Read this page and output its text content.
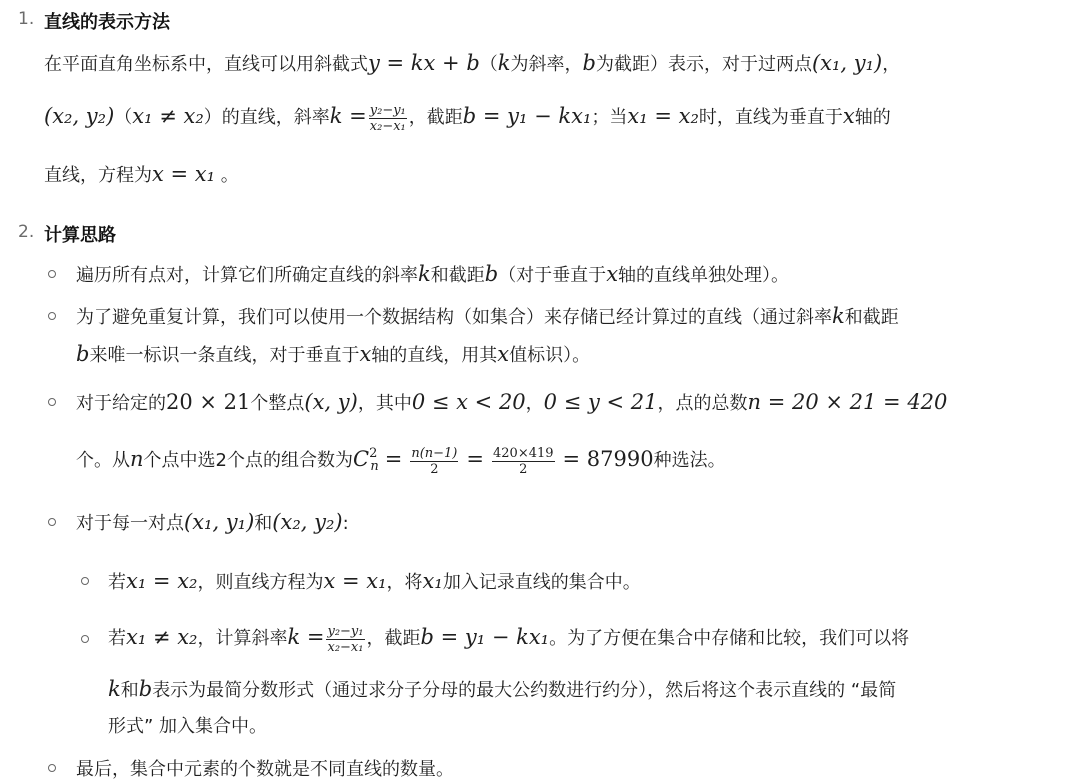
1. 直线的表示方法
在平面直角坐标系中，直线可以用斜截式y = kx + b（k为斜率，b为截距）表示，对于过两点(x₁, y₁)，
(x₂, y₂)（x₁ ≠ x₂）的直线，斜率$k = \frac{\text{y₂−y₁}}{\text{x₂−x₁}}$ ，截距b = y₁ − kx₁；当x₁ = x₂时，直线为垂直于x轴的
直线，方程为x = x₁ 。
2. 计算思路
遍历所有点对，计算它们所确定直线的斜率k和截距b（对于垂直于x轴的直线单独处理）。
为了避免重复计算，我们可以使用一个数据结构（如集合）来存储已经计算过的直线（通过斜率k和截距
b来唯一标识一条直线，对于垂直于x轴的直线，用其x值标识）。
对于给定的20 × 21个整点(x, y)，其中0 ≤ x < 20，0 ≤ y < 21，点的总数n = 20 × 21 = 420
个。从n个点中选2个点的组合数为$C^2_n = \frac{n(n-1)}{2} = \frac{420\times 419}{2} = 87990$种选法。
对于每一对点(x₁, y₁)和(x₂, y₂):
若x₁ = x₂，则直线方程为x = x₁，将x₁加入记录直线的集合中。
若x₁ ≠ x₂，计算斜率$k = \frac{\text{y₂−y₁}}{\text{x₂−x₁}}$ ，截距b = y₁ − kx₁。为了方便在集合中存储和比较，我们可以将
k和b表示为最简分数形式（通过求分子分母的最大公约数进行约分），然后将这个表示直线的 “最简
形式” 加入集合中。
最后，集合中元素的个数就是不同直线的数量。
